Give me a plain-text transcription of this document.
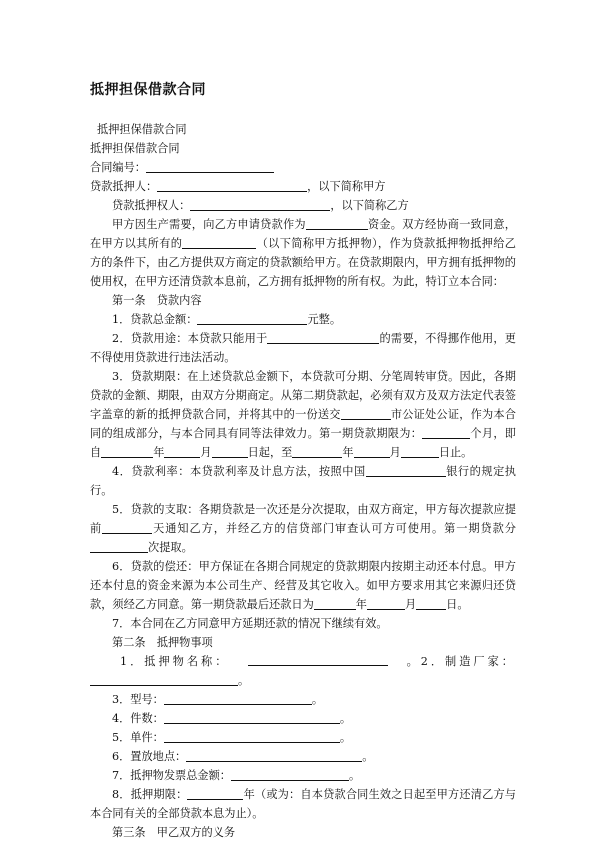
抵押担保借款合同

抵押担保借款合同

抵押担保借款合同

合同编号：

贷款抵押人：	，以下简称甲方

贷款抵押权人：	，以下简称乙方

甲方因生产需要，向乙方申请贷款作为	资金。双方经协商一致同意，在甲方以其所有的	（以下简称甲方抵押物），作为贷款抵押物抵押给乙方的条件下，由乙方提供双方商定的贷款额给甲方。在贷款期限内，甲方拥有抵押物的使用权，在甲方还清贷款本息前，乙方拥有抵押物的所有权。为此，特订立本合同：

第一条　贷款内容

1．贷款总金额：	元整。

2．贷款用途：本贷款只能用于	的需要，不得挪作他用，更不得使用贷款进行违法活动。

3．贷款期限：在上述贷款总金额下，本贷款可分期、分笔周转审贷。因此，各期贷款的金额、期限，由双方分期商定。从第二期贷款起，必须有双方及双方法定代表签字盖章的新的抵押贷款合同，并将其中的一份送交	市公证处公证，作为本合同的组成部分，与本合同具有同等法律效力。第一期贷款期限为：	个月，即自	年	月	日起，至	年	月	日止。

4．贷款利率：本贷款利率及计息方法，按照中国	银行的规定执行。

5．贷款的支取：各期贷款是一次还是分次提取，由双方商定，甲方每次提款应提前	天通知乙方，并经乙方的信贷部门审查认可方可使用。第一期贷款分次提取。

6．贷款的偿还：甲方保证在各期合同规定的贷款期限内按期主动还本付息。甲方还本付息的资金来源为本公司生产、经营及其它收入。如甲方要求用其它来源归还贷款，须经乙方同意。第一期贷款最后还款日为	年	月	日。

7．本合同在乙方同意甲方延期还款的情况下继续有效。

第二条　抵押物事项

1．抵押物名称：	。2．制造厂家：

。

3．型号：	。

4．件数：	。

5．单件：	。

6．置放地点：	。

7．抵押物发票总金额：	。

8．抵押期限：	年（或为：自本贷款合同生效之日起至甲方还清乙方与本合同有关的全部贷款本息为止）。

第三条　甲乙双方的义务
